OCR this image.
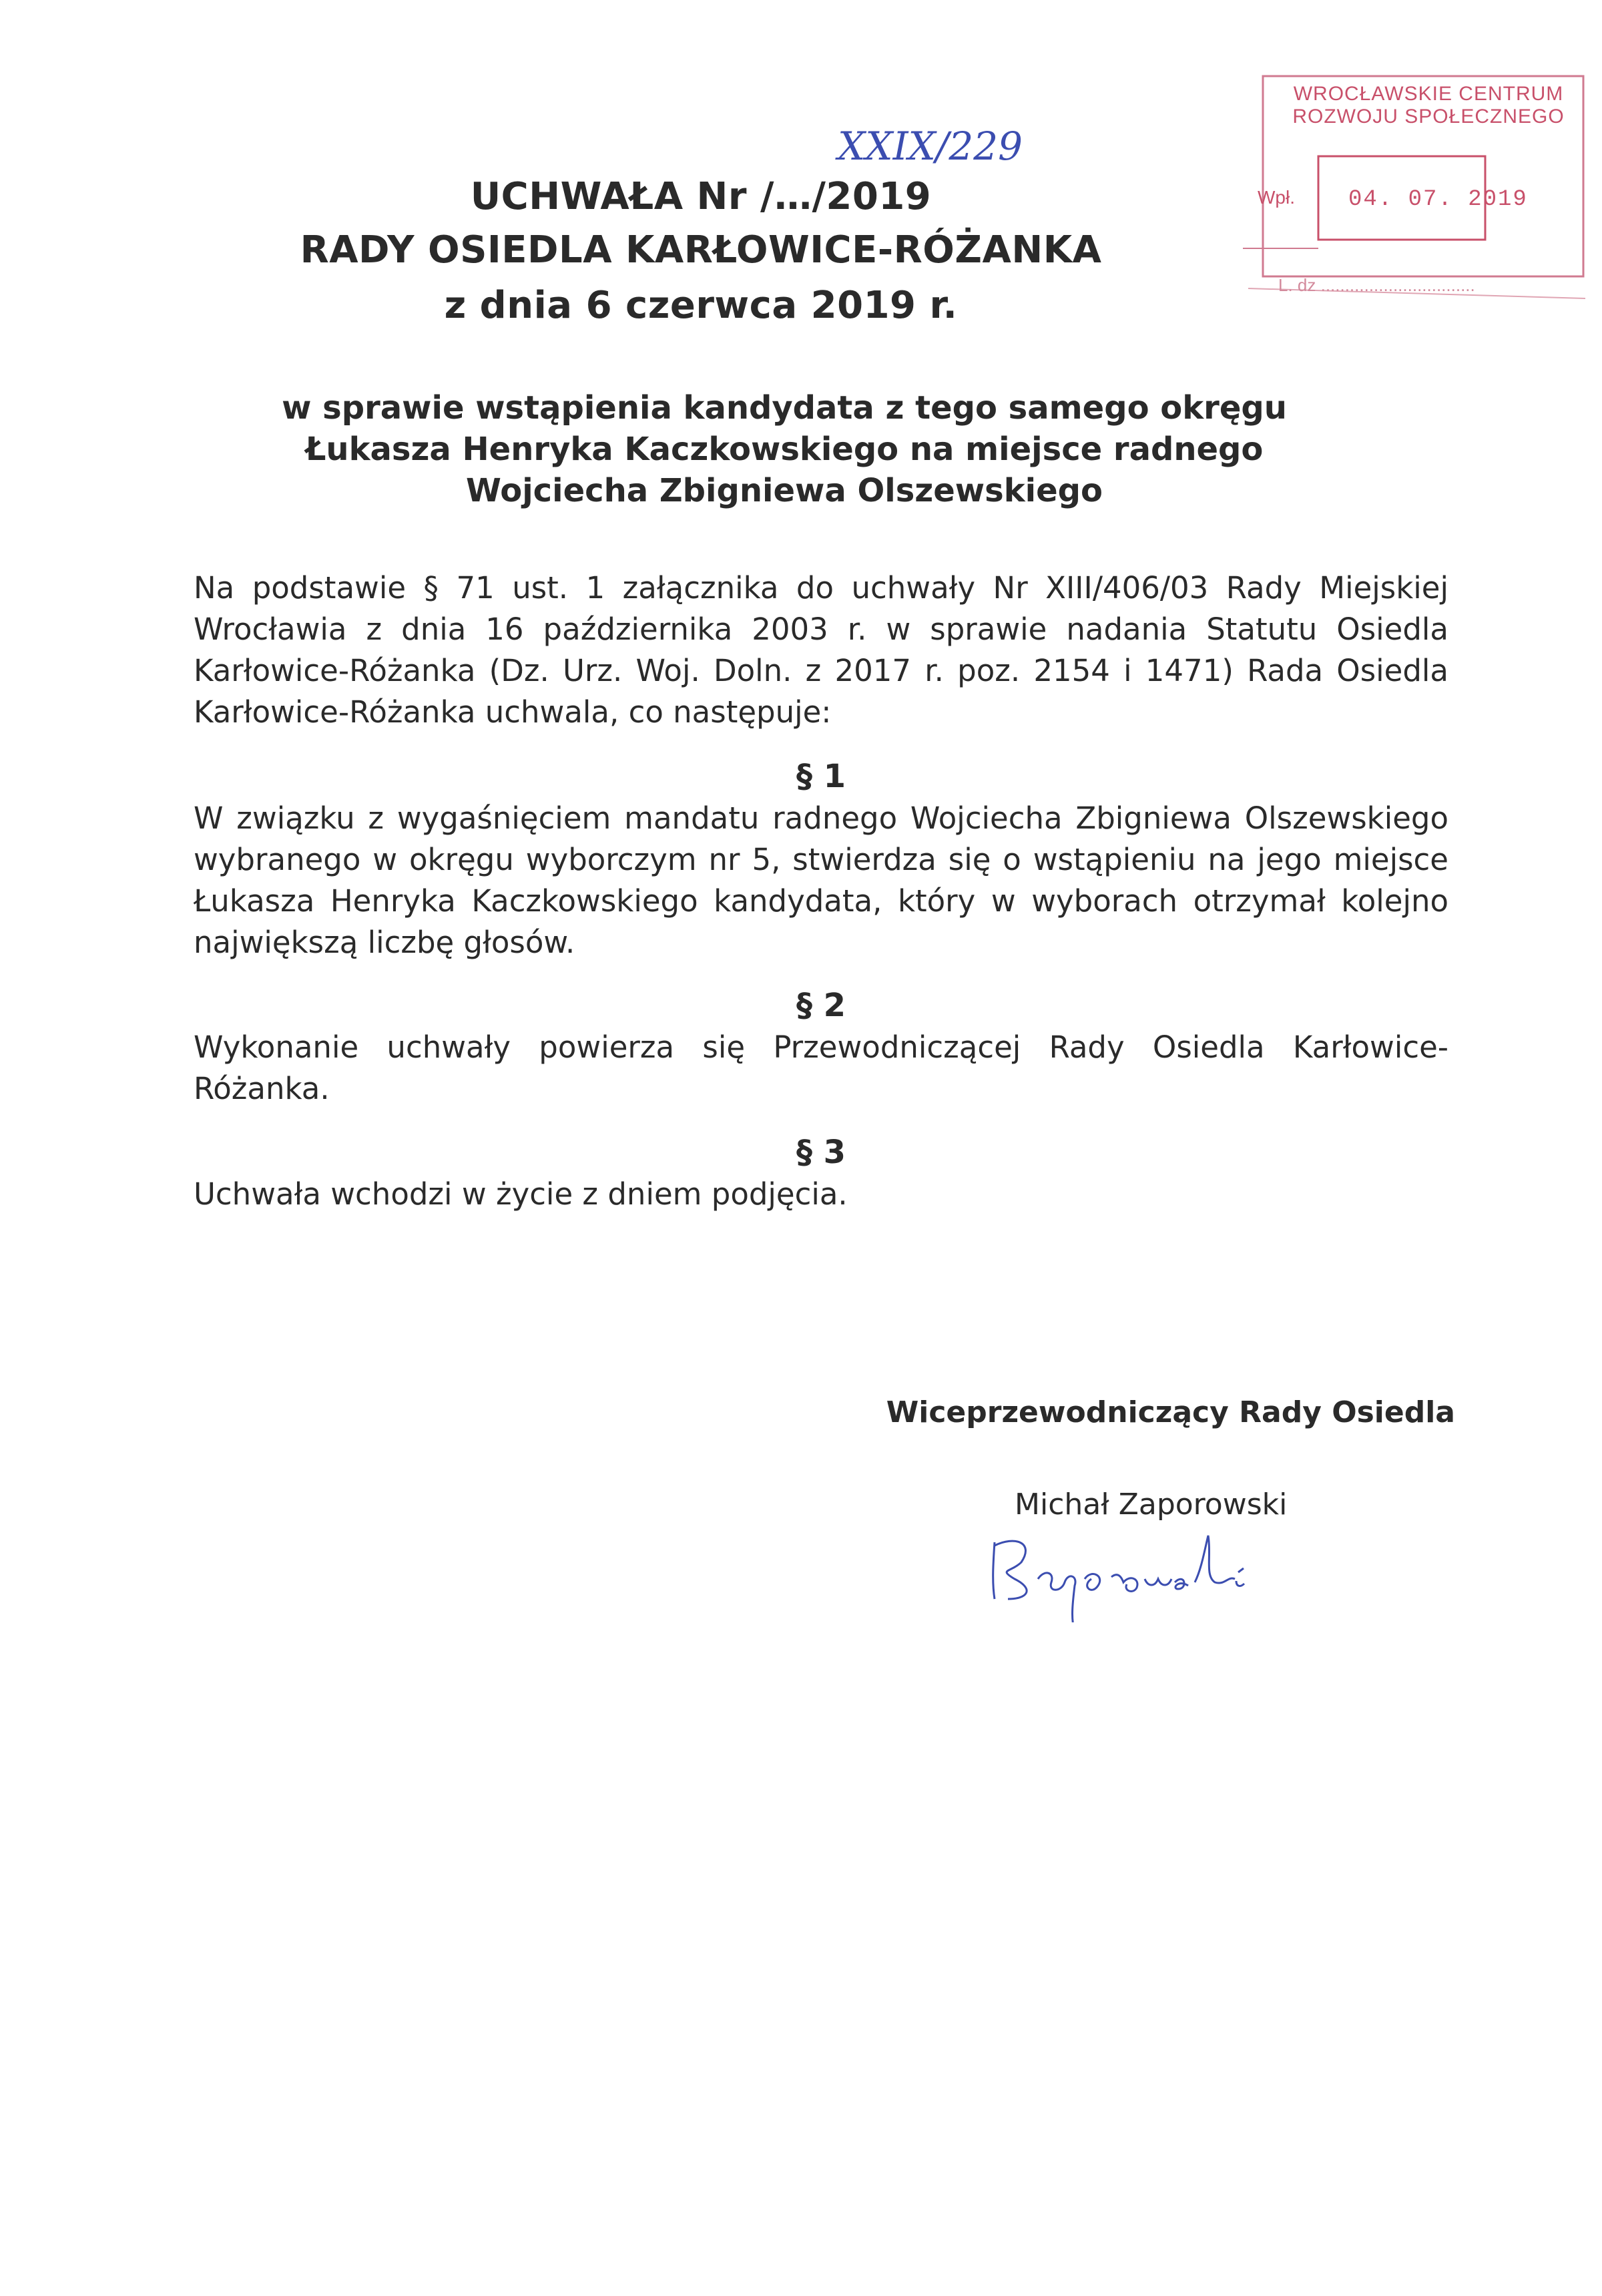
WROCŁAWSKIE CENTRUM
ROZWOJU SPOŁECZNEGO
Wpł. 04. 07. 2019
L. dz ................................
XXIX/229
UCHWAŁA Nr /…/2019
RADY OSIEDLA KARŁOWICE-RÓŻANKA
z dnia 6 czerwca 2019 r.
w sprawie wstąpienia kandydata z tego samego okręgu
Łukasza Henryka Kaczkowskiego na miejsce radnego
Wojciecha Zbigniewa Olszewskiego
Na podstawie § 71 ust. 1 załącznika do uchwały Nr XIII/406/03 Rady Miejskiej
Wrocławia z dnia 16 października 2003 r. w sprawie nadania Statutu Osiedla
Karłowice-Różanka (Dz. Urz. Woj. Doln. z 2017 r. poz. 2154 i 1471) Rada Osiedla
Karłowice-Różanka uchwala, co następuje:
§ 1
W związku z wygaśnięciem mandatu radnego Wojciecha Zbigniewa Olszewskiego
wybranego w okręgu wyborczym nr 5, stwierdza się o wstąpieniu na jego miejsce
Łukasza Henryka Kaczkowskiego kandydata, który w wyborach otrzymał kolejno
największą liczbę głosów.
§ 2
Wykonanie uchwały powierza się Przewodniczącej Rady Osiedla Karłowice-
Różanka.
§ 3
Uchwała wchodzi w życie z dniem podjęcia.
Wiceprzewodniczący Rady Osiedla
Michał Zaporowski
